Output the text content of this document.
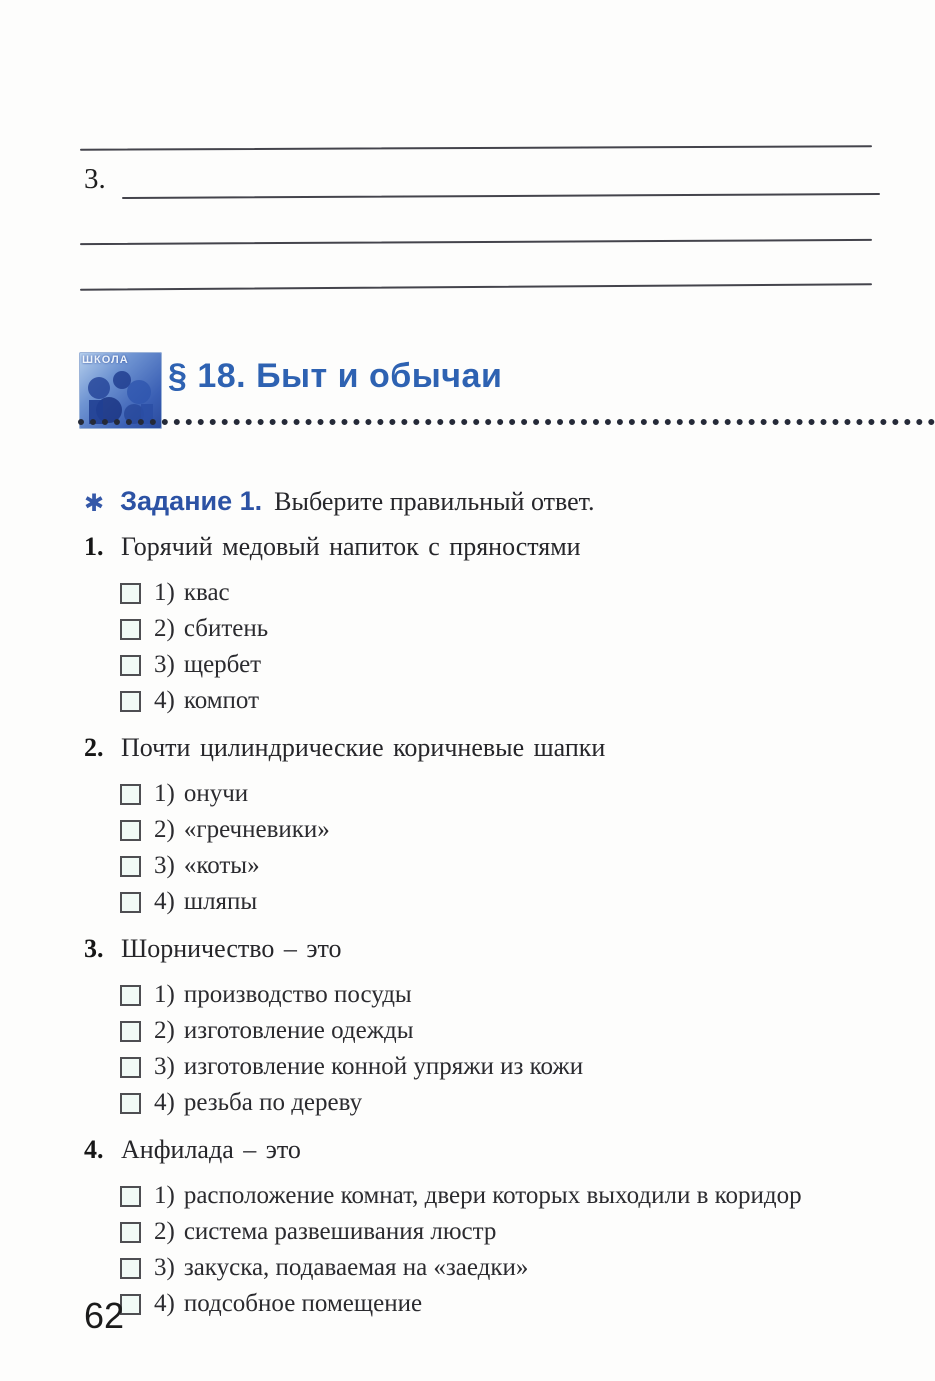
3.
ШКОЛА § 18. Быт и обычаи
✱ Задание 1. Выберите правильный ответ.
1. Горячий медовый напиток с пряностями
1) квас
2) сбитень
3) щербет
4) компот
2. Почти цилиндрические коричневые шапки
1) онучи
2) «гречневики»
3) «коты»
4) шляпы
3. Шорничество – это
1) производство посуды
2) изготовление одежды
3) изготовление конной упряжи из кожи
4) резьба по дереву
4. Анфилада – это
1) расположение комнат, двери которых выходили в коридор
2) система развешивания люстр
3) закуска, подаваемая на «заедки»
4) подсобное помещение
62
